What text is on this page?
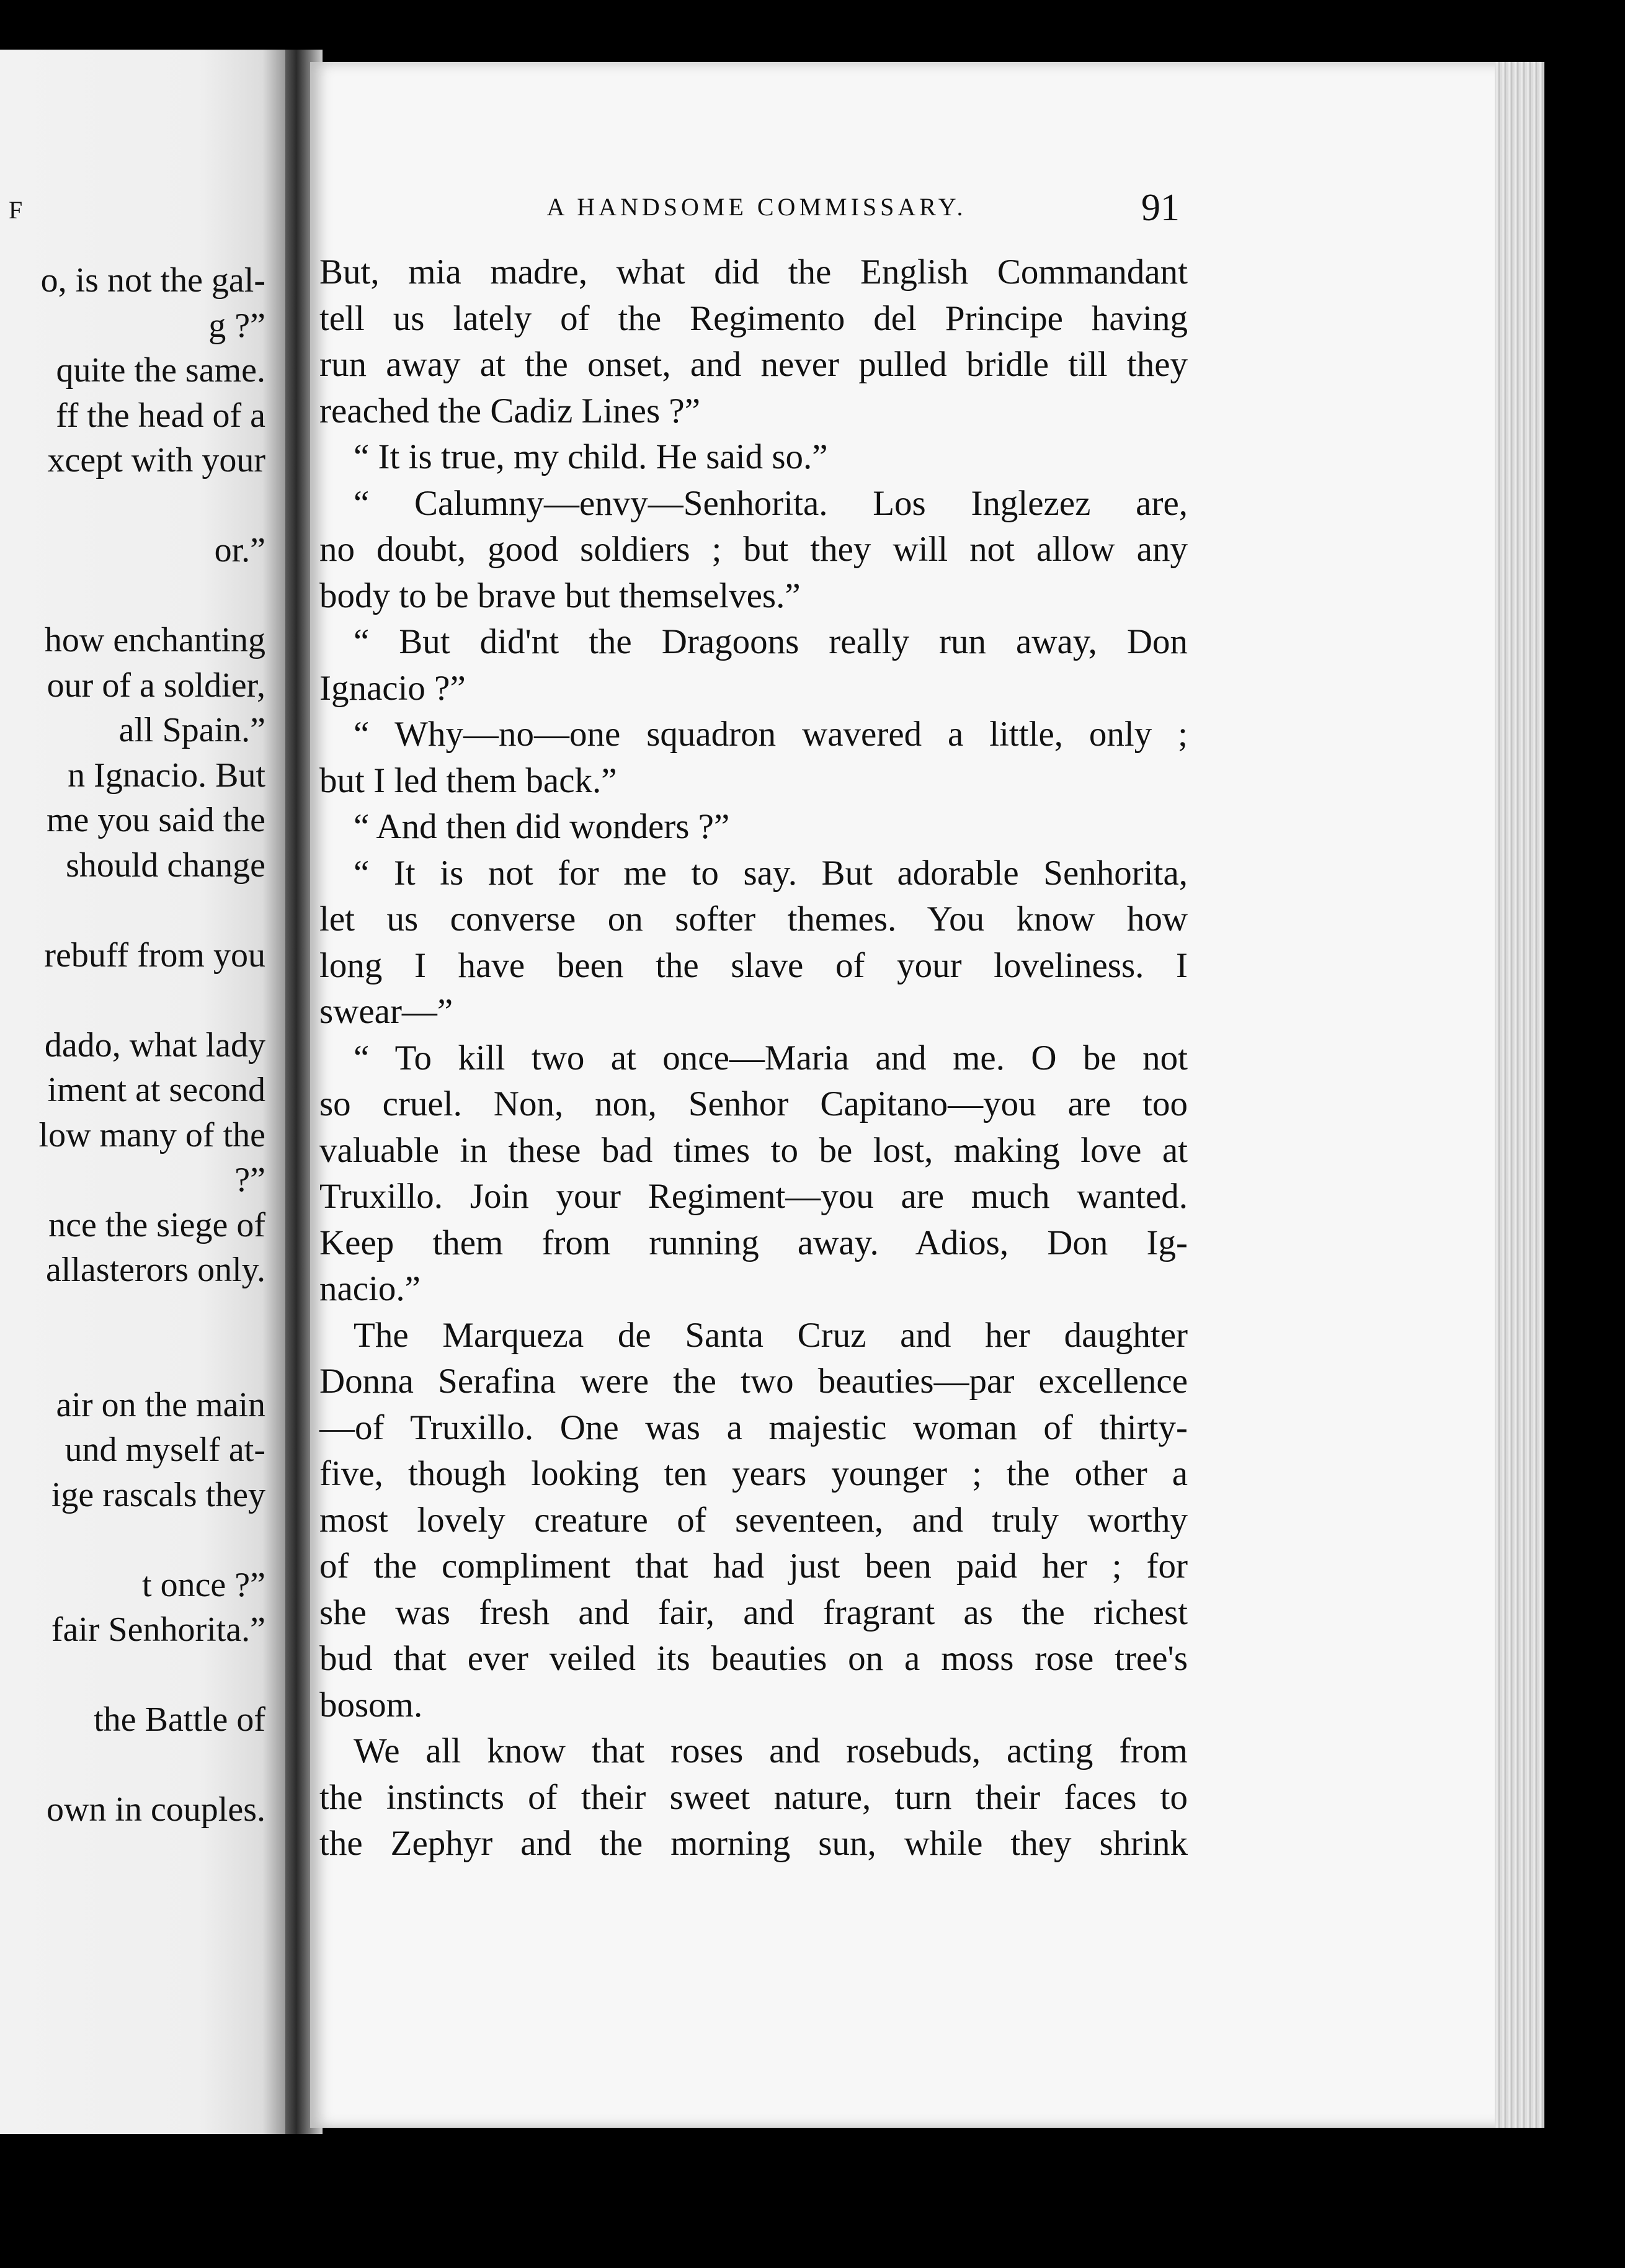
F
o, is not the gal-
g ?”
quite the same.
ff the head of a
xcept with your
or.”
how enchanting
our of a soldier,
all Spain.”
n Ignacio. But
me you said the
should change
rebuff from you
dado, what lady
iment at second
low many of the
?”
nce the siege of
allasterors only.
air on the main
und myself at-
ige rascals they
t once ?”
fair Senhorita.”
the Battle of
own in couples.
A HANDSOME COMMISSARY.	91
But, mia madre, what did the English Commandant
tell us lately of the Regimento del Principe having
run away at the onset, and never pulled bridle till they
reached the Cadiz Lines ?”
“ It is true, my child. He said so.”
“ Calumny—envy—Senhorita. Los Inglezez are,
no doubt, good soldiers ; but they will not allow any
body to be brave but themselves.”
“ But did'nt the Dragoons really run away, Don
Ignacio ?”
“ Why—no—one squadron wavered a little, only ;
but I led them back.”
“ And then did wonders ?”
“ It is not for me to say. But adorable Senhorita,
let us converse on softer themes. You know how
long I have been the slave of your loveliness. I
swear—”
“ To kill two at once—Maria and me. O be not
so cruel. Non, non, Senhor Capitano—you are too
valuable in these bad times to be lost, making love at
Truxillo. Join your Regiment—you are much wanted.
Keep them from running away. Adios, Don Ig-
nacio.”
The Marqueza de Santa Cruz and her daughter
Donna Serafina were the two beauties—par excellence
—of Truxillo. One was a majestic woman of thirty-
five, though looking ten years younger ; the other a
most lovely creature of seventeen, and truly worthy
of the compliment that had just been paid her ; for
she was fresh and fair, and fragrant as the richest
bud that ever veiled its beauties on a moss rose tree's
bosom.
We all know that roses and rosebuds, acting from
the instincts of their sweet nature, turn their faces to
the Zephyr and the morning sun, while they shrink
